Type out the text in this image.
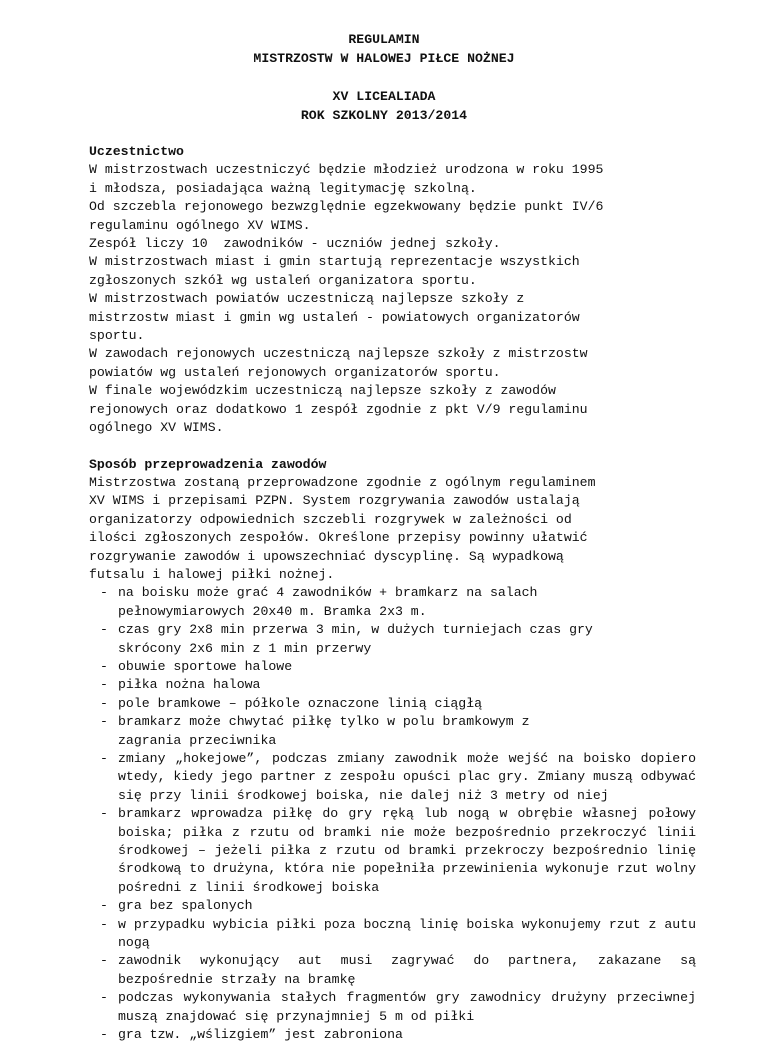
REGULAMIN
MISTRZOSTW W HALOWEJ PIŁCE NOŻNEJ
XV LICEALIADA
ROK SZKOLNY 2013/2014
Uczestnictwo
W mistrzostwach uczestniczyć będzie młodzież urodzona w roku 1995
i młodsza, posiadająca ważną legitymację szkolną.
Od szczebla rejonowego bezwzględnie egzekwowany będzie punkt IV/6
regulaminu ogólnego XV WIMS.
Zespół liczy 10  zawodników - uczniów jednej szkoły.
W mistrzostwach miast i gmin startują reprezentacje wszystkich
zgłoszonych szkół wg ustaleń organizatora sportu.
W mistrzostwach powiatów uczestniczą najlepsze szkoły z
mistrzostw miast i gmin wg ustaleń - powiatowych organizatorów
sportu.
W zawodach rejonowych uczestniczą najlepsze szkoły z mistrzostw
powiatów wg ustaleń rejonowych organizatorów sportu.
W finale wojewódzkim uczestniczą najlepsze szkoły z zawodów
rejonowych oraz dodatkowo 1 zespół zgodnie z pkt V/9 regulaminu
ogólnego XV WIMS.
Sposób przeprowadzenia zawodów
Mistrzostwa zostaną przeprowadzone zgodnie z ogólnym regulaminem
XV WIMS i przepisami PZPN. System rozgrywania zawodów ustalają
organizatorzy odpowiednich szczebli rozgrywek w zależności od
ilości zgłoszonych zespołów. Określone przepisy powinny ułatwić
rozgrywanie zawodów i upowszechniać dyscyplinę. Są wypadkową
futsalu i halowej piłki nożnej.
- na boisku może grać 4 zawodników + bramkarz na salach
pełnowymiarowych 20x40 m. Bramka 2x3 m.
- czas gry 2x8 min przerwa 3 min, w dużych turniejach czas gry
skrócony 2x6 min z 1 min przerwy
- obuwie sportowe halowe
- piłka nożna halowa
- pole bramkowe – półkole oznaczone linią ciągłą
- bramkarz może chwytać piłkę tylko w polu bramkowym z
zagrania przeciwnika
- zmiany „hokejowe”, podczas zmiany zawodnik może wejść na boisko dopiero wtedy, kiedy jego partner z zespołu opuści plac gry. Zmiany muszą odbywać się przy linii środkowej boiska, nie dalej niż 3 metry od niej
- bramkarz wprowadza piłkę do gry ręką lub nogą w obrębie własnej połowy boiska; piłka z rzutu od bramki nie może bezpośrednio przekroczyć linii środkowej – jeżeli piłka z rzutu od bramki przekroczy bezpośrednio linię środkową to drużyna, która nie popełniła przewinienia wykonuje rzut wolny pośredni z linii środkowej boiska
- gra bez spalonych
- w przypadku wybicia piłki poza boczną linię boiska wykonujemy rzut z autu nogą
- zawodnik wykonujący aut musi zagrywać do partnera, zakazane są bezpośrednie strzały na bramkę
- podczas wykonywania stałych fragmentów gry zawodnicy drużyny przeciwnej muszą znajdować się przynajmniej 5 m od piłki
- gra tzw. „wślizgiem” jest zabroniona
